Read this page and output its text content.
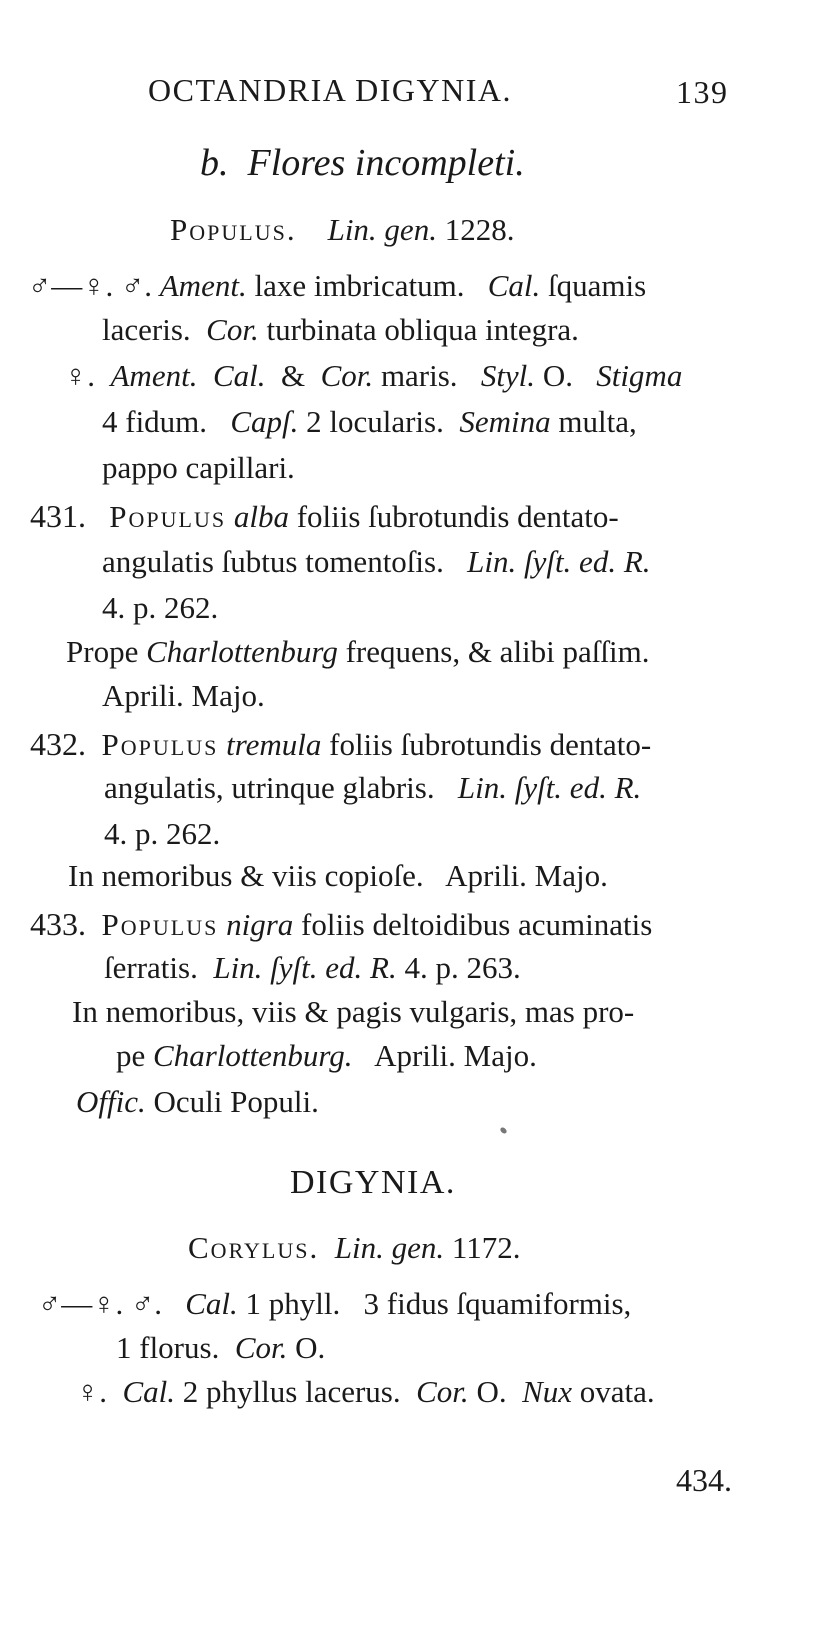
OCTANDRIA DIGYNIA.	139
b. Flores incompleti.
Populus. Lin. gen. 1228.
♂—♀. ♂. Ament. laxe imbricatum. Cal. ſquamis
laceris. Cor. turbinata obliqua integra.
♀. Ament. Cal. & Cor. maris. Styl. O. Stigma
4 fidum. Capſ. 2 locularis. Semina multa,
pappo capillari.
431. Populus alba foliis ſubrotundis dentato-
angulatis ſubtus tomentoſis. Lin. ſyſt. ed. R.
4. p. 262.
Prope Charlottenburg frequens, & alibi paſſim.
Aprili. Majo.
432. Populus tremula foliis ſubrotundis dentato-
angulatis, utrinque glabris. Lin. ſyſt. ed. R.
4. p. 262.
In nemoribus & viis copioſe.   Aprili. Majo.
433. Populus nigra foliis deltoidibus acuminatis
ſerratis. Lin. ſyſt. ed. R. 4. p. 263.
In nemoribus, viis & pagis vulgaris, mas pro-
pe Charlottenburg. Aprili. Majo.
Offic. Oculi Populi.
DIGYNIA.
Corylus. Lin. gen. 1172.
♂—♀. ♂. Cal. 1 phyll.   3 fidus ſquamiformis,
1 florus. Cor. O.
♀. Cal. 2 phyllus lacerus. Cor. O. Nux ovata.
434.
